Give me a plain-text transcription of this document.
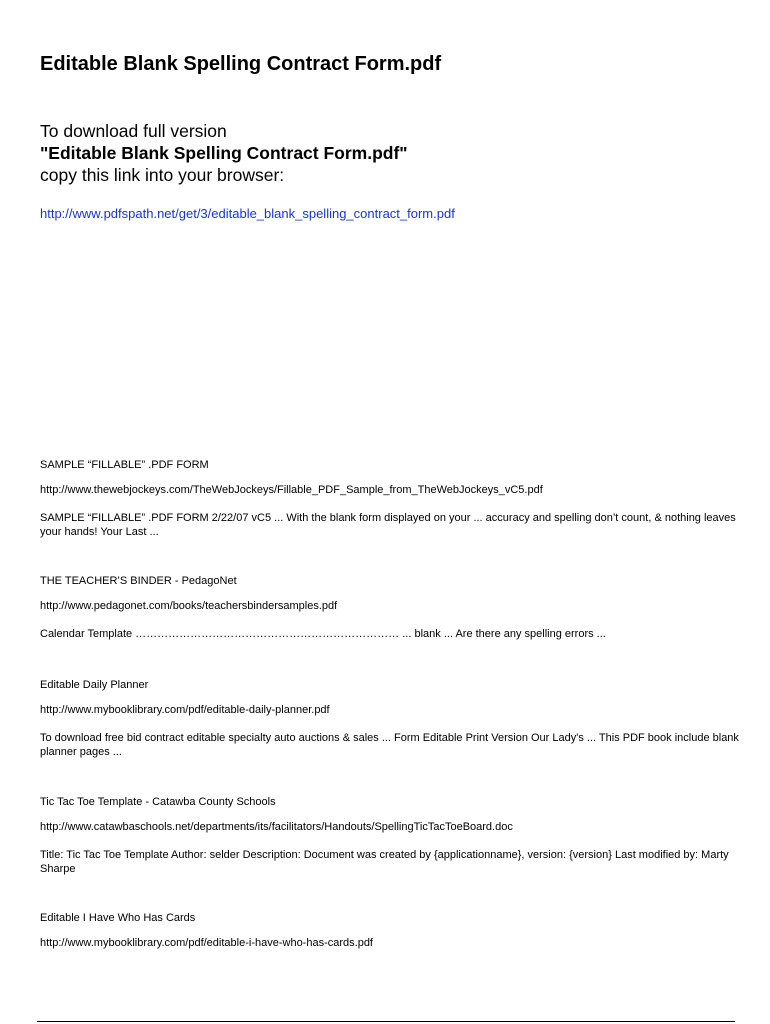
Editable Blank Spelling Contract Form.pdf
To download full version
"Editable Blank Spelling Contract Form.pdf"
copy this link into your browser:
http://www.pdfspath.net/get/3/editable_blank_spelling_contract_form.pdf
SAMPLE “FILLABLE” .PDF FORM
http://www.thewebjockeys.com/TheWebJockeys/Fillable_PDF_Sample_from_TheWebJockeys_vC5.pdf
SAMPLE “FILLABLE” .PDF FORM 2/22/07 vC5 ... With the blank form displayed on your ... accuracy and spelling don’t count, & nothing leaves your hands! Your Last ...
THE TEACHER’S BINDER - PedagoNet
http://www.pedagonet.com/books/teachersbindersamples.pdf
Calendar Template ……………………………………………………………… ... blank ... Are there any spelling errors ...
Editable Daily Planner
http://www.mybooklibrary.com/pdf/editable-daily-planner.pdf
To download free bid contract editable specialty auto auctions & sales ... Form Editable Print Version Our Lady's ... This PDF book include blank planner pages ...
Tic Tac Toe Template - Catawba County Schools
http://www.catawbaschools.net/departments/its/facilitators/Handouts/SpellingTicTacToeBoard.doc
Title: Tic Tac Toe Template Author: selder Description: Document was created by {applicationname}, version: {version} Last modified by: Marty Sharpe
Editable I Have Who Has Cards
http://www.mybooklibrary.com/pdf/editable-i-have-who-has-cards.pdf
